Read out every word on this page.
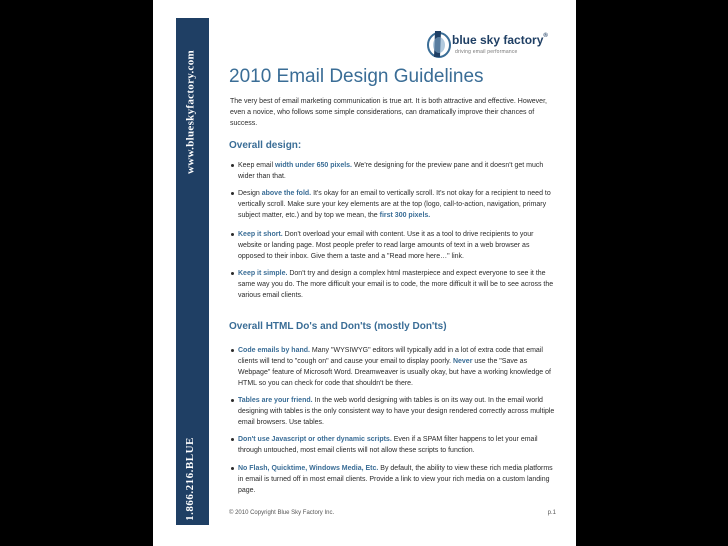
www.blueskyfactory.com
1.866.216.BLUE
blue sky factory®
driving email performance
2010 Email Design Guidelines
The very best of email marketing communication is true art. It is both attractive and effective. However, even a novice, who follows some simple considerations, can dramatically improve their chances of success.
Overall design:
Keep email width under 650 pixels. We're designing for the preview pane and it doesn't get much wider than that.
Design above the fold. It's okay for an email to vertically scroll. It's not okay for a recipient to need to vertically scroll. Make sure your key elements are at the top (logo, call-to-action, navigation, primary subject matter, etc.) and by top we mean, the first 300 pixels.
Keep it short. Don't overload your email with content. Use it as a tool to drive recipients to your website or landing page. Most people prefer to read large amounts of text in a web browser as opposed to their inbox. Give them a taste and a "Read more here…" link.
Keep it simple. Don't try and design a complex html masterpiece and expect everyone to see it the same way you do. The more difficult your email is to code, the more difficult it will be to see across the various email clients.
Overall HTML Do's and Don'ts (mostly Don'ts)
Code emails by hand. Many "WYSIWYG" editors will typically add in a lot of extra code that email clients will tend to "cough on" and cause your email to display poorly. Never use the "Save as Webpage" feature of Microsoft Word. Dreamweaver is usually okay, but have a working knowledge of HTML so you can check for code that shouldn't be there.
Tables are your friend. In the web world designing with tables is on its way out. In the email world designing with tables is the only consistent way to have your design rendered correctly across multiple email browsers. Use tables.
Don't use Javascript or other dynamic scripts. Even if a SPAM filter happens to let your email through untouched, most email clients will not allow these scripts to function.
No Flash, Quicktime, Windows Media, Etc. By default, the ability to view these rich media platforms in email is turned off in most email clients. Provide a link to view your rich media on a custom landing page.
© 2010 Copyright Blue Sky Factory Inc.	p.1
